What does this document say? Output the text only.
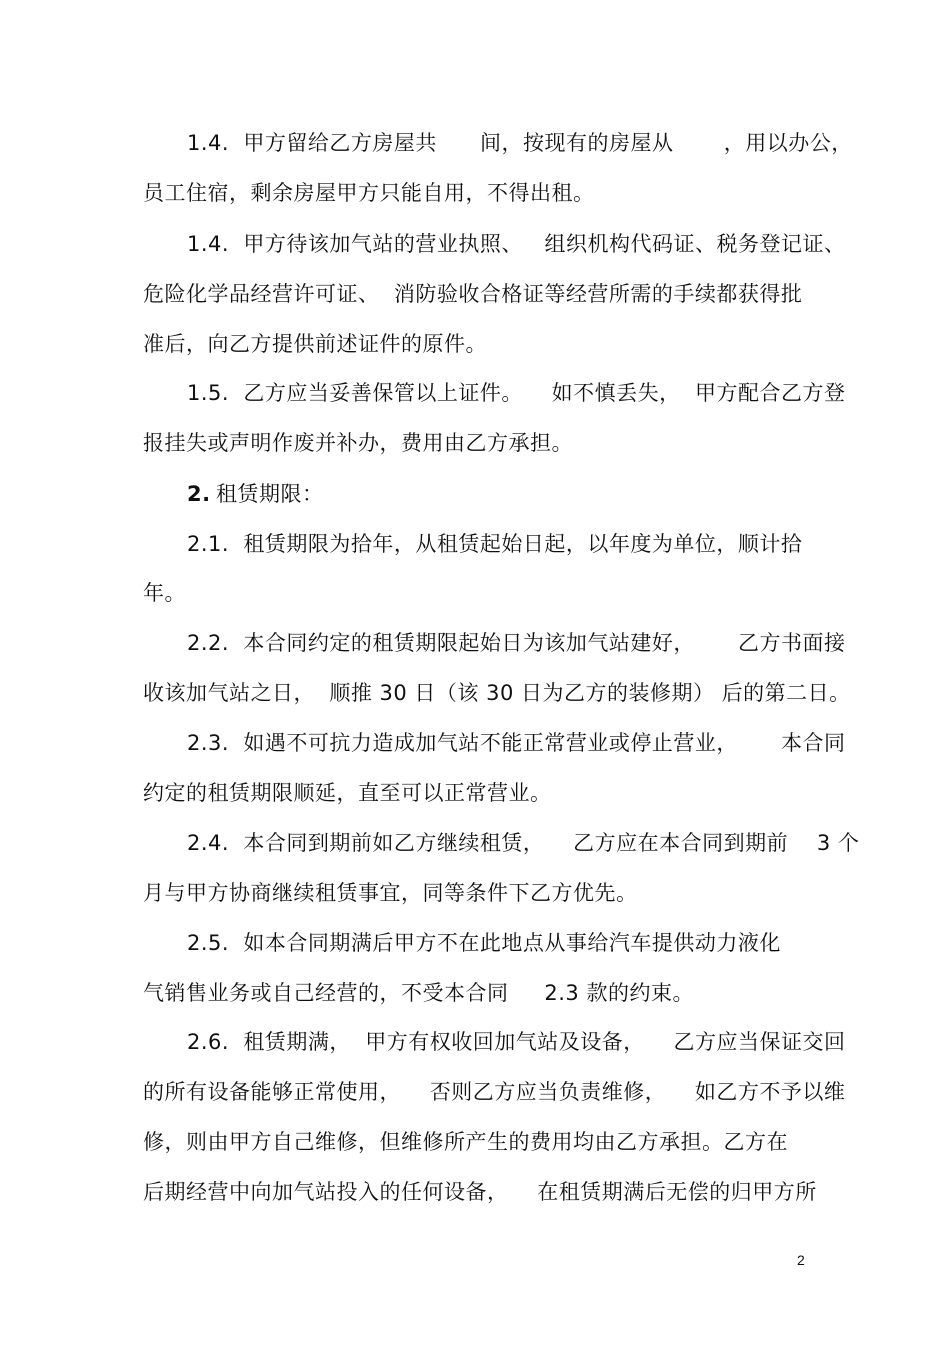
1.4.  甲方留给乙方房屋共      间，按现有的房屋从       ，用以办公，
员工住宿，剩余房屋甲方只能自用，不得出租。
1.4.  甲方待该加气站的营业执照、   组织机构代码证、税务登记证、
危险化学品经营许可证、  消防验收合格证等经营所需的手续都获得批
准后，向乙方提供前述证件的原件。
1.5.  乙方应当妥善保管以上证件。    如不慎丢失，  甲方配合乙方登
报挂失或声明作废并补办，费用由乙方承担。
2. 租赁期限：
2.1.  租赁期限为拾年，从租赁起始日起，以年度为单位，顺计拾
年。
2.2.  本合同约定的租赁期限起始日为该加气站建好，      乙方书面接
收该加气站之日，  顺推 30 日（该 30 日为乙方的装修期） 后的第二日。
2.3.  如遇不可抗力造成加气站不能正常营业或停止营业，      本合同
约定的租赁期限顺延，直至可以正常营业。
2.4.  本合同到期前如乙方继续租赁，    乙方应在本合同到期前    3 个
月与甲方协商继续租赁事宜，同等条件下乙方优先。
2.5.  如本合同期满后甲方不在此地点从事给汽车提供动力液化
气销售业务或自己经营的，不受本合同     2.3 款的约束。
2.6.  租赁期满，  甲方有权收回加气站及设备，    乙方应当保证交回
的所有设备能够正常使用，    否则乙方应当负责维修，    如乙方不予以维
修，则由甲方自己维修，但维修所产生的费用均由乙方承担。乙方在
后期经营中向加气站投入的任何设备，    在租赁期满后无偿的归甲方所
2
